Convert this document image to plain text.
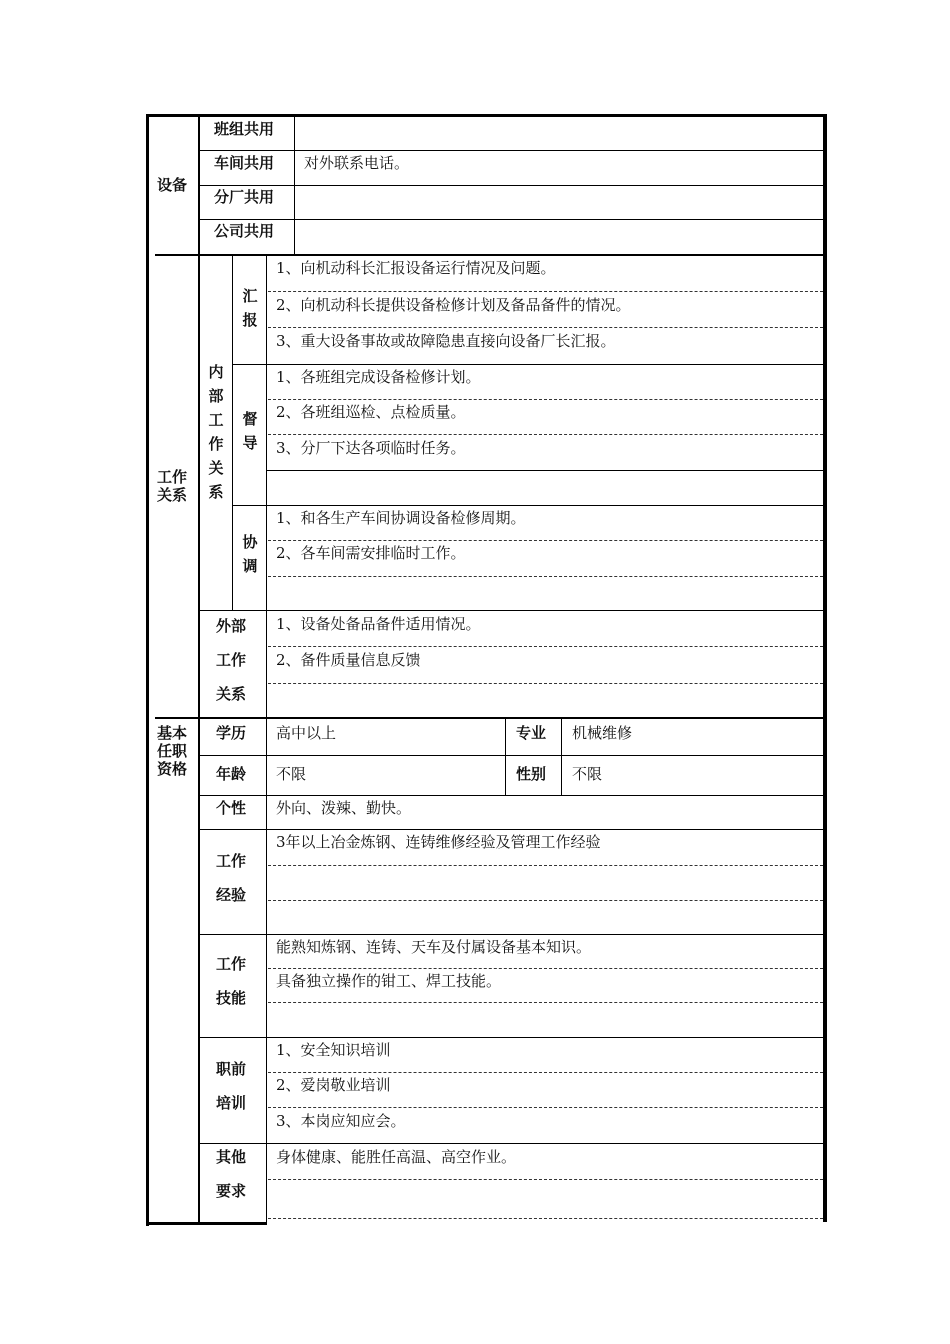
设备
班组共用
车间共用 对外联系电话。
分厂共用
公司共用
工作
关系
内
部
工
作
关
系
汇
报
1、向机动科长汇报设备运行情况及问题。
2、向机动科长提供设备检修计划及备品备件的情况。
3、重大设备事故或故障隐患直接向设备厂长汇报。
督
导
1、各班组完成设备检修计划。
2、各班组巡检、点检质量。
3、分厂下达各项临时任务。
协
调
1、和各生产车间协调设备检修周期。
2、各车间需安排临时工作。
外部
工作
关系
1、设备处备品备件适用情况。
2、备件质量信息反馈
基本
任职
资格
学历 高中以上	专业 机械维修
年龄 不限	性别 不限
个性 外向、泼辣、勤快。
工作
经验
3年以上冶金炼钢、连铸维修经验及管理工作经验
工作
技能
能熟知炼钢、连铸、天车及付属设备基本知识。
具备独立操作的钳工、焊工技能。
职前
培训
1、安全知识培训
2、爱岗敬业培训
3、本岗应知应会。
其他
要求
身体健康、能胜任高温、高空作业。
